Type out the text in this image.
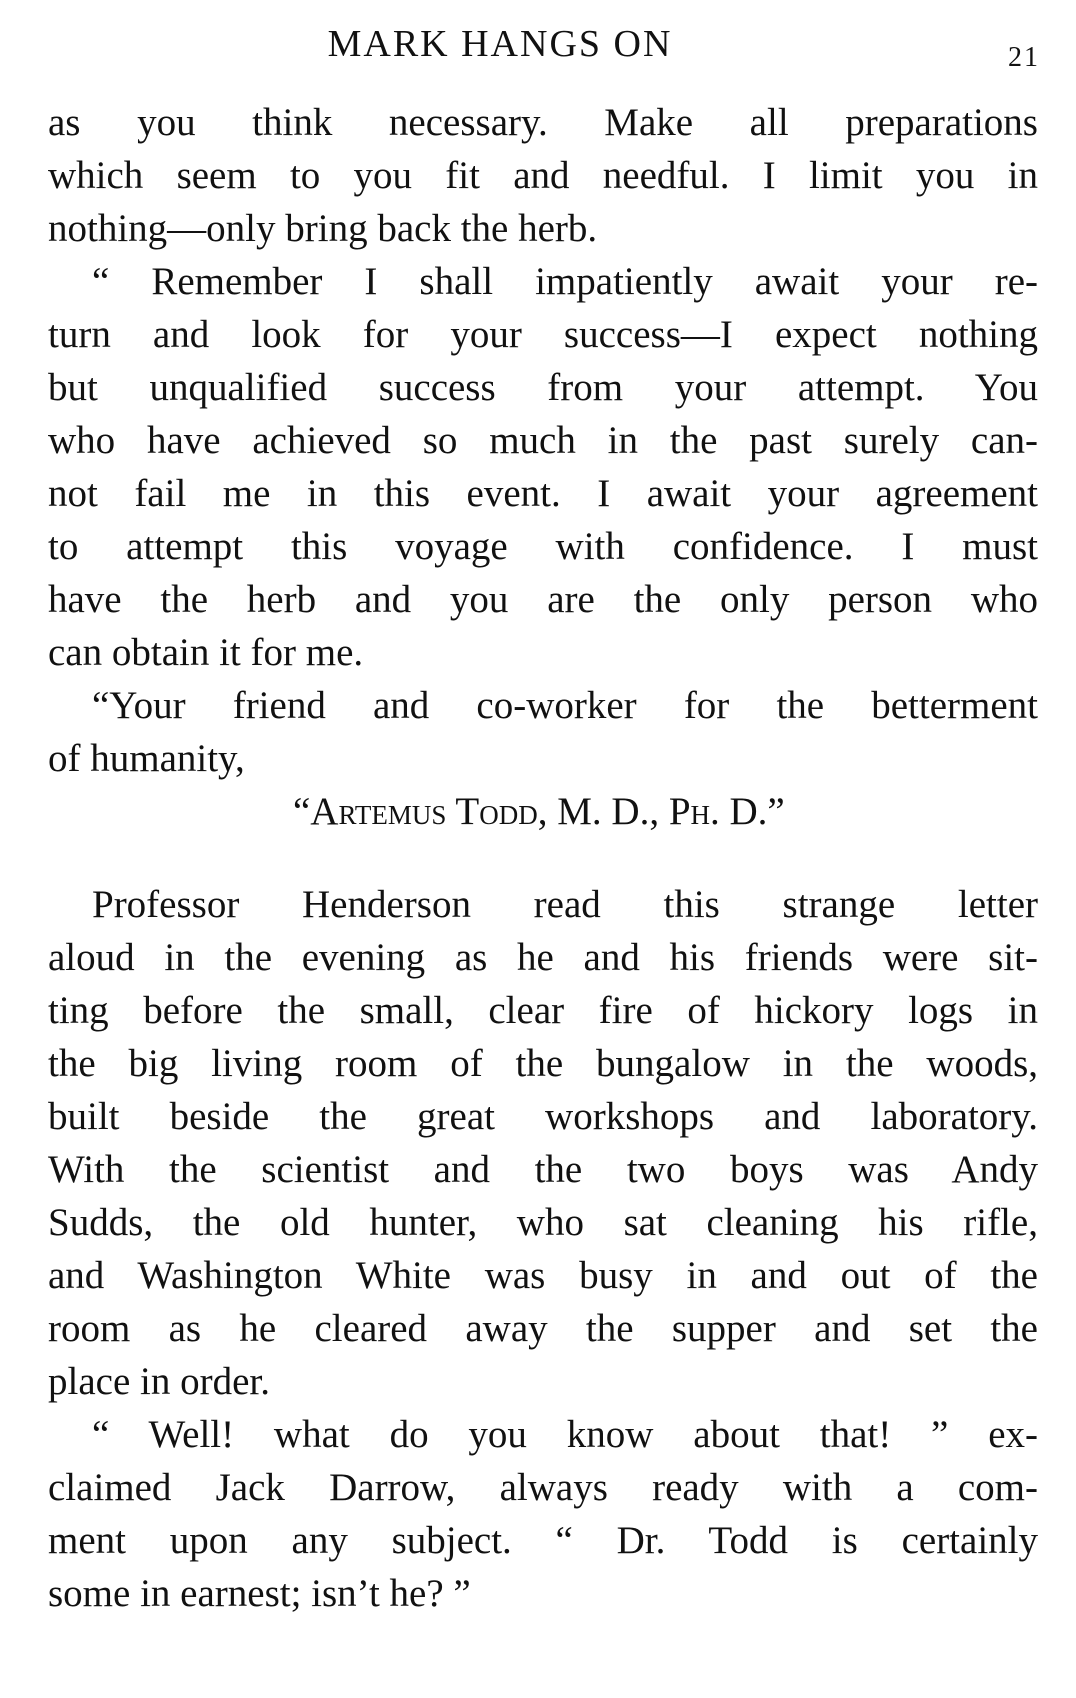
MARK HANGS ON	21
as you think necessary. Make all preparations
which seem to you fit and needful. I limit you in
nothing—only bring back the herb.
“ Remember I shall impatiently await your re-
turn and look for your success—I expect nothing
but unqualified success from your attempt. You
who have achieved so much in the past surely can-
not fail me in this event. I await your agreement
to attempt this voyage with confidence. I must
have the herb and you are the only person who
can obtain it for me.
“Your friend and co-worker for the betterment
of humanity,
“Artemus Todd, M. D., Ph. D.”
Professor Henderson read this strange letter
aloud in the evening as he and his friends were sit-
ting before the small, clear fire of hickory logs in
the big living room of the bungalow in the woods,
built beside the great workshops and laboratory.
With the scientist and the two boys was Andy
Sudds, the old hunter, who sat cleaning his rifle,
and Washington White was busy in and out of the
room as he cleared away the supper and set the
place in order.
“ Well! what do you know about that! ” ex-
claimed Jack Darrow, always ready with a com-
ment upon any subject. “ Dr. Todd is certainly
some in earnest; isn’t he? ”
